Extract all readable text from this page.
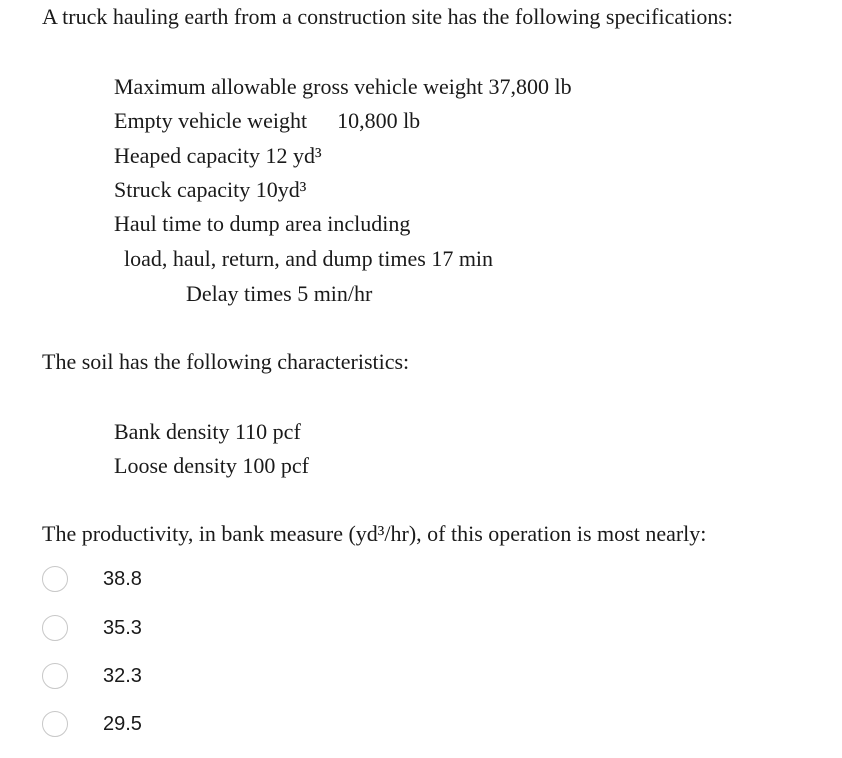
A truck hauling earth from a construction site has the following specifications:
Maximum allowable gross vehicle weight 37,800 lb
Empty vehicle weight 10,800 lb
Heaped capacity 12 yd³
Struck capacity 10yd³
Haul time to dump area including
load, haul, return, and dump times 17 min
Delay times 5 min/hr
The soil has the following characteristics:
Bank density 110 pcf
Loose density 100 pcf
The productivity, in bank measure (yd³/hr), of this operation is most nearly:
38.8
35.3
32.3
29.5
